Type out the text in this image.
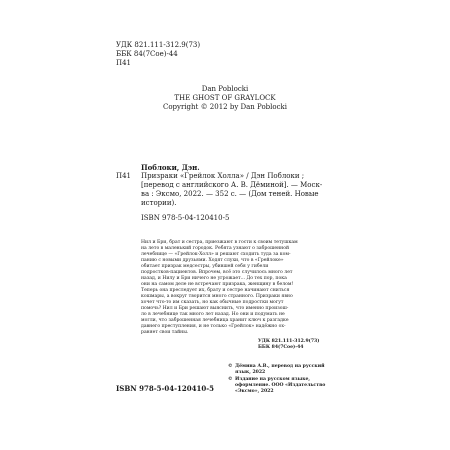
УДК 821.111-312.9(73)
ББК 84(7Сое)-44
П41
Dan Poblocki
THE GHOST OF GRAYLOCK
Copyright © 2012 by Dan Poblocki
Поблоки, Дэн.
П41	Призраки «Грейлок Холла» / Дэн Поблоки ;
[перевод с английского А. В. Дёминой]. — Моск-
ва : Эксмо, 2022. — 352 с. — (Дом теней. Новые
истории).
ISBN 978-5-04-120410-5
Нил и Бри, брат и сестра, приезжают в гости к своим тетушкам
на лето в маленький городок. Ребята узнают о заброшенной
лечебнице — «Грейлок-Холл» и решают сходить туда за ком-
панию с новыми друзьями. Ходят слухи, что в «Грейлоке»
обитает призрак медсестры, убившей себя у гибели
подростков-пациентов. Впрочем, всё это случилось много лет
назад, и Нилу и Бри ничего не угрожает... До тех пор, пока
они на самом деле не встречают призрака, женщину в белом!
Теперь она преследует их, брату и сестре начинают сниться
кошмары, а вокруг творится много странного. Призраки явно
хочет что-то им сказать, но как обычные подростки могут
помочь? Нил и Бри решают выяснить, что именно произош-
ло в лечебнице так много лет назад. Но они и подумать не
могли, что заброшенная лечебница хранит ключ к разгадке
давнего преступления, и не только «Грейлок» надёжно ох-
раняет свои тайны.
УДК 821.111-312.9(73)
ББК 84(7Сое)-44
© Дёмина А.В., перевод на русский
язык, 2022
© Издание на русском языке,
оформление. ООО «Издательство
«Эксмо», 2022
ISBN 978-5-04-120410-5
